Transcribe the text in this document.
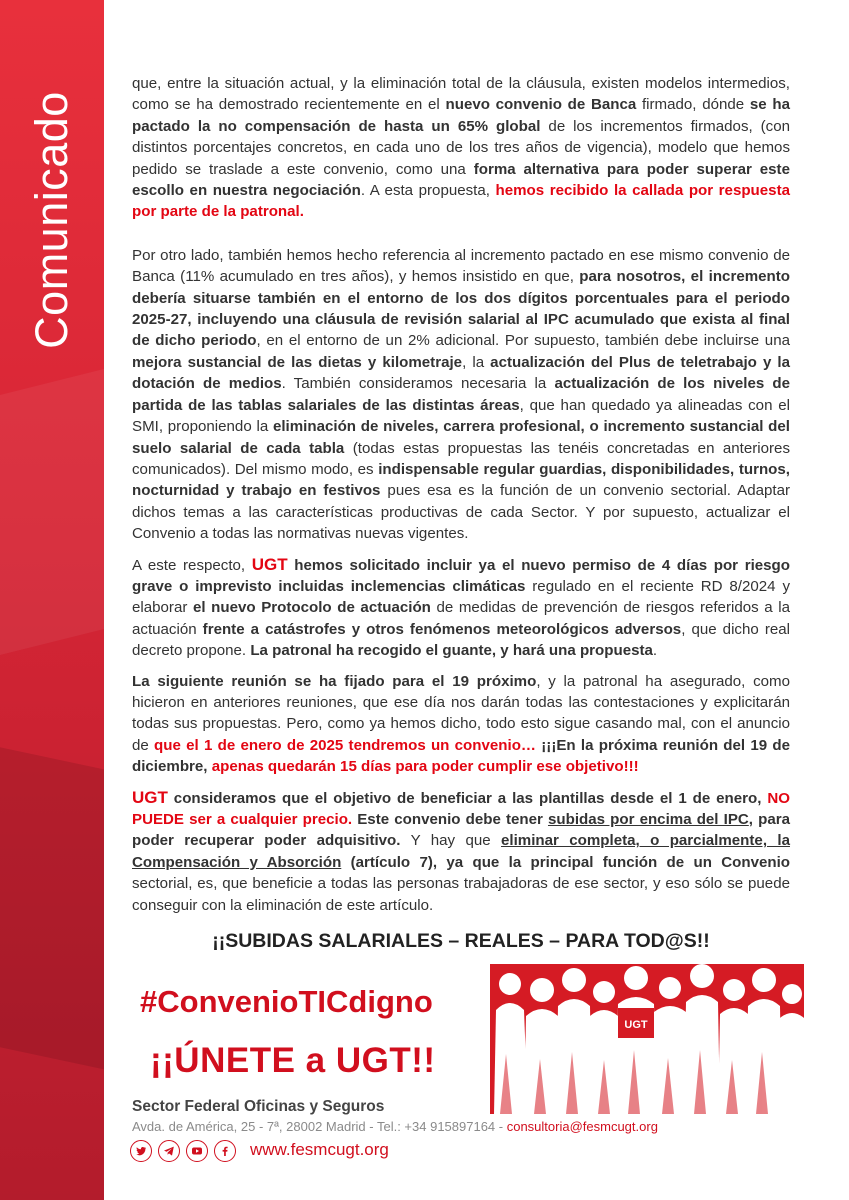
Comunicado

que, entre la situación actual, y la eliminación total de la cláusula, existen modelos intermedios, como se ha demostrado recientemente en el nuevo convenio de Banca firmado, dónde se ha pactado la no compensación de hasta un 65% global de los incrementos firmados, (con distintos porcentajes concretos, en cada uno de los tres años de vigencia), modelo que hemos pedido se traslade a este convenio, como una forma alternativa para poder superar este escollo en nuestra negociación. A esta propuesta, hemos recibido la callada por respuesta por parte de la patronal.

Por otro lado, también hemos hecho referencia al incremento pactado en ese mismo convenio de Banca (11% acumulado en tres años), y hemos insistido en que, para nosotros, el incremento debería situarse también en el entorno de los dos dígitos porcentuales para el periodo 2025-27, incluyendo una cláusula de revisión salarial al IPC acumulado que exista al final de dicho periodo, en el entorno de un 2% adicional. Por supuesto, también debe incluirse una mejora sustancial de las dietas y kilometraje, la actualización del Plus de teletrabajo y la dotación de medios. También consideramos necesaria la actualización de los niveles de partida de las tablas salariales de las distintas áreas, que han quedado ya alineadas con el SMI, proponiendo la eliminación de niveles, carrera profesional, o incremento sustancial del suelo salarial de cada tabla (todas estas propuestas las tenéis concretadas en anteriores comunicados). Del mismo modo, es indispensable regular guardias, disponibilidades, turnos, nocturnidad y trabajo en festivos pues esa es la función de un convenio sectorial. Adaptar dichos temas a las características productivas de cada Sector. Y por supuesto, actualizar el Convenio a todas las normativas nuevas vigentes.

A este respecto, UGT hemos solicitado incluir ya el nuevo permiso de 4 días por riesgo grave o imprevisto incluidas inclemencias climáticas regulado en el reciente RD 8/2024 y elaborar el nuevo Protocolo de actuación de medidas de prevención de riesgos referidos a la actuación frente a catástrofes y otros fenómenos meteorológicos adversos, que dicho real decreto propone. La patronal ha recogido el guante, y hará una propuesta.

La siguiente reunión se ha fijado para el 19 próximo, y la patronal ha asegurado, como hicieron en anteriores reuniones, que ese día nos darán todas las contestaciones y explicitarán todas sus propuestas. Pero, como ya hemos dicho, todo esto sigue casando mal, con el anuncio de que el 1 de enero de 2025 tendremos un convenio… ¡¡¡En la próxima reunión del 19 de diciembre, apenas quedarán 15 días para poder cumplir ese objetivo!!!

UGT consideramos que el objetivo de beneficiar a las plantillas desde el 1 de enero, NO PUEDE ser a cualquier precio. Este convenio debe tener subidas por encima del IPC, para poder recuperar poder adquisitivo. Y hay que eliminar completa, o parcialmente, la Compensación y Absorción (artículo 7), ya que la principal función de un Convenio sectorial, es, que beneficie a todas las personas trabajadoras de ese sector, y eso sólo se puede conseguir con la eliminación de este artículo.

¡¡SUBIDAS SALARIALES – REALES – PARA TOD@S!!
#ConvenioTICdigno
¡¡ÚNETE a UGT!!
UGT
Sector Federal Oficinas y Seguros
Avda. de América, 25 - 7ª, 28002 Madrid - Tel.: +34 915897164 - consultoria@fesmcugt.org
www.fesmcugt.org
